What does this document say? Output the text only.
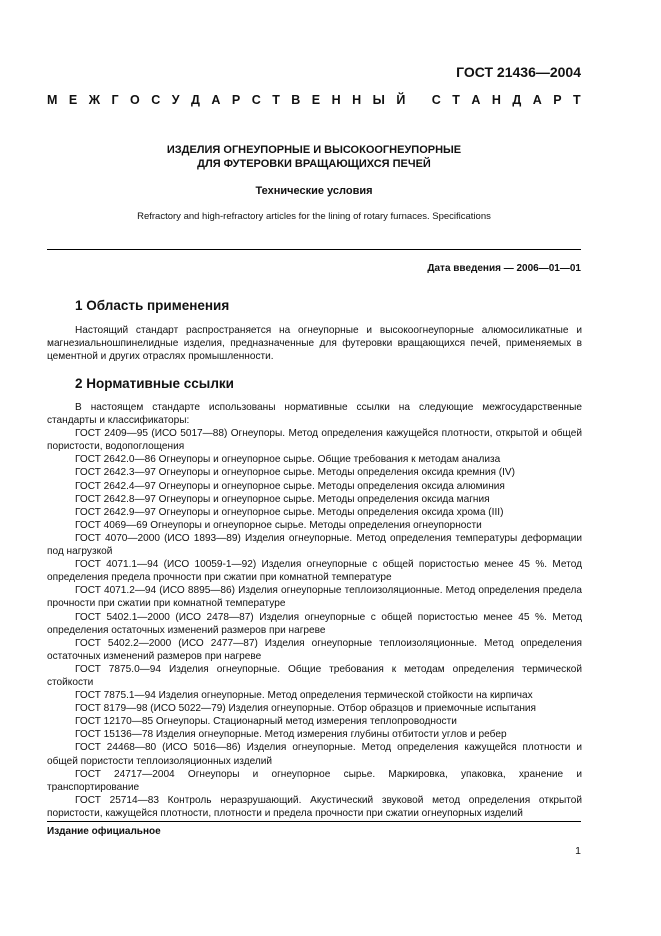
ГОСТ 21436—2004
М Е Ж Г О С У Д А Р С Т В Е Н Н Ы Й
С Т А Н Д А Р Т
ИЗДЕЛИЯ ОГНЕУПОРНЫЕ И ВЫСОКООГНЕУПОРНЫЕ
ДЛЯ ФУТЕРОВКИ ВРАЩАЮЩИХСЯ ПЕЧЕЙ
Технические условия
Refractory and high-refractory articles for the lining of rotary furnaces. Specifications
Дата введения — 2006—01—01
1 Область применения

Настоящий стандарт распространяется на огнеупорные и высокоогнеупорные алюмосиликатные и магнезиальношпинелидные изделия, предназначенные для футеровки вращающихся печей, применяемых в цементной и других отраслях промышленности.

2 Нормативные ссылки

В настоящем стандарте использованы нормативные ссылки на следующие межгосударственные стандарты и классификаторы:

ГОСТ 2409—95 (ИСО 5017—88) Огнеупоры. Метод определения кажущейся плотности, открытой и общей пористости, водопоглощения

ГОСТ 2642.0—86 Огнеупоры и огнеупорное сырье. Общие требования к методам анализа

ГОСТ 2642.3—97 Огнеупоры и огнеупорное сырье. Методы определения оксида кремния (IV)

ГОСТ 2642.4—97 Огнеупоры и огнеупорное сырье. Методы определения оксида алюминия

ГОСТ 2642.8—97 Огнеупоры и огнеупорное сырье. Методы определения оксида магния

ГОСТ 2642.9—97 Огнеупоры и огнеупорное сырье. Методы определения оксида хрома (III)

ГОСТ 4069—69 Огнеупоры и огнеупорное сырье. Методы определения огнеупорности

ГОСТ 4070—2000 (ИСО 1893—89) Изделия огнеупорные. Метод определения температуры деформации под нагрузкой

ГОСТ 4071.1—94 (ИСО 10059-1—92) Изделия огнеупорные с общей пористостью менее 45 %. Метод определения предела прочности при сжатии при комнатной температуре

ГОСТ 4071.2—94 (ИСО 8895—86) Изделия огнеупорные теплоизоляционные. Метод определения предела прочности при сжатии при комнатной температуре

ГОСТ 5402.1—2000 (ИСО 2478—87) Изделия огнеупорные с общей пористостью менее 45 %. Метод определения остаточных изменений размеров при нагреве

ГОСТ 5402.2—2000 (ИСО 2477—87) Изделия огнеупорные теплоизоляционные. Метод определения остаточных изменений размеров при нагреве

ГОСТ 7875.0—94 Изделия огнеупорные. Общие требования к методам определения термической стойкости

ГОСТ 7875.1—94 Изделия огнеупорные. Метод определения термической стойкости на кирпичах

ГОСТ 8179—98 (ИСО 5022—79) Изделия огнеупорные. Отбор образцов и приемочные испытания

ГОСТ 12170—85 Огнеупоры. Стационарный метод измерения теплопроводности

ГОСТ 15136—78 Изделия огнеупорные. Метод измерения глубины отбитости углов и ребер

ГОСТ 24468—80 (ИСО 5016—86) Изделия огнеупорные. Метод определения кажущейся плотности и общей пористости теплоизоляционных изделий

ГОСТ 24717—2004 Огнеупоры и огнеупорное сырье. Маркировка, упаковка, хранение и транспортирование

ГОСТ 25714—83 Контроль неразрушающий. Акустический звуковой метод определения открытой пористости, кажущейся плотности, плотности и предела прочности при сжатии огнеупорных изделий

Издание официальное
1
